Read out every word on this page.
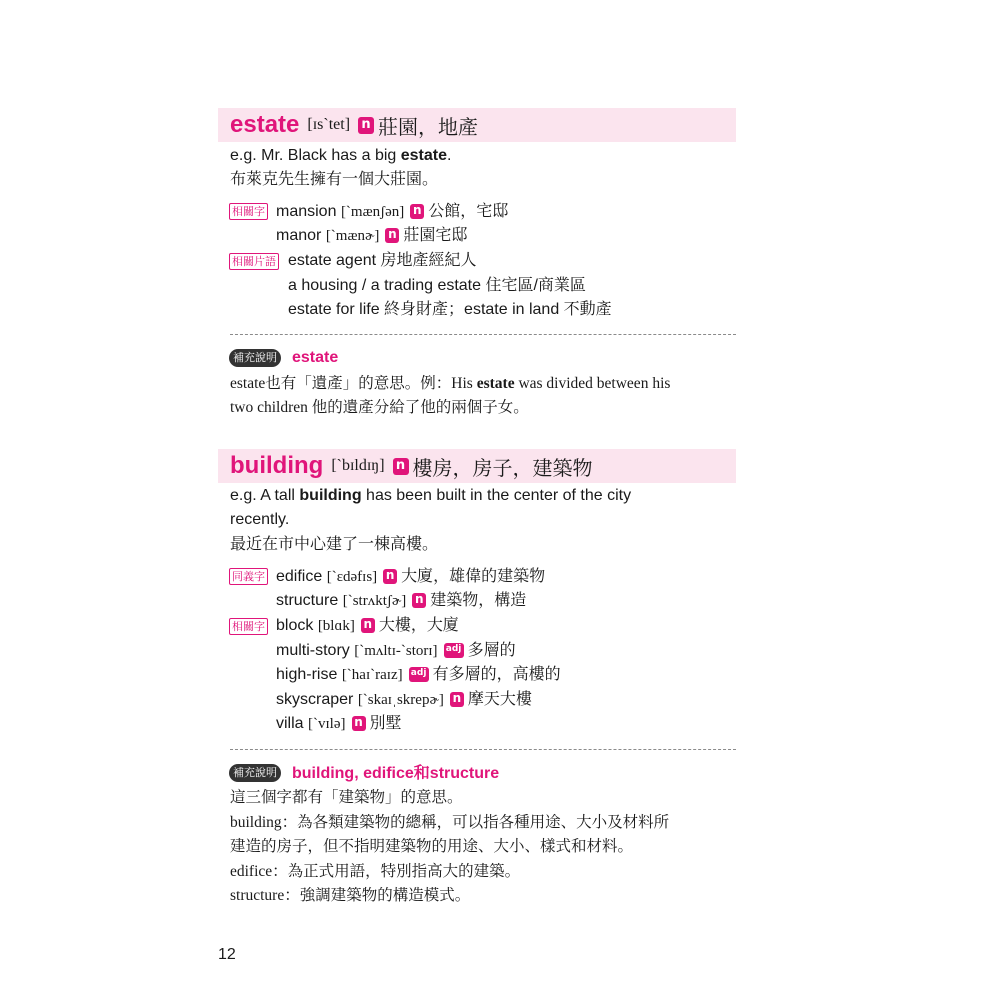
estate [ɪs`tet] n 莊園，地產
e.g. Mr. Black has a big estate.
布萊克先生擁有一個大莊園。
相關字 mansion [`mænʃən] n 公館，宅邸
manor [`mænɚ] n 莊園宅邸
相關片語 estate agent 房地產經紀人
a housing / a trading estate 住宅區/商業區
estate for life 終身財產；estate in land 不動產
補充說明 estate
estate也有「遺產」的意思。例：His estate was divided between his
two children 他的遺產分給了他的兩個子女。
building [`bɪldɪŋ] n 樓房，房子，建築物
e.g. A tall building has been built in the center of the city
recently.
最近在市中心建了一棟高樓。
同義字 edifice [`ɛdəfɪs] n 大廈，雄偉的建築物
structure [`strʌktʃɚ] n 建築物，構造
相關字 block [blɑk] n 大樓，大廈
multi-story [`mʌltɪ-`storɪ] adj 多層的
high-rise [`haɪ`raɪz] adj 有多層的，高樓的
skyscraper [`skaɪˌskrepɚ] n 摩天大樓
villa [`vɪlə] n 別墅
補充說明 building, edifice和structure
這三個字都有「建築物」的意思。
building：為各類建築物的總稱，可以指各種用途、大小及材料所
建造的房子，但不指明建築物的用途、大小、樣式和材料。
edifice：為正式用語，特別指高大的建築。
structure：強調建築物的構造模式。
12
